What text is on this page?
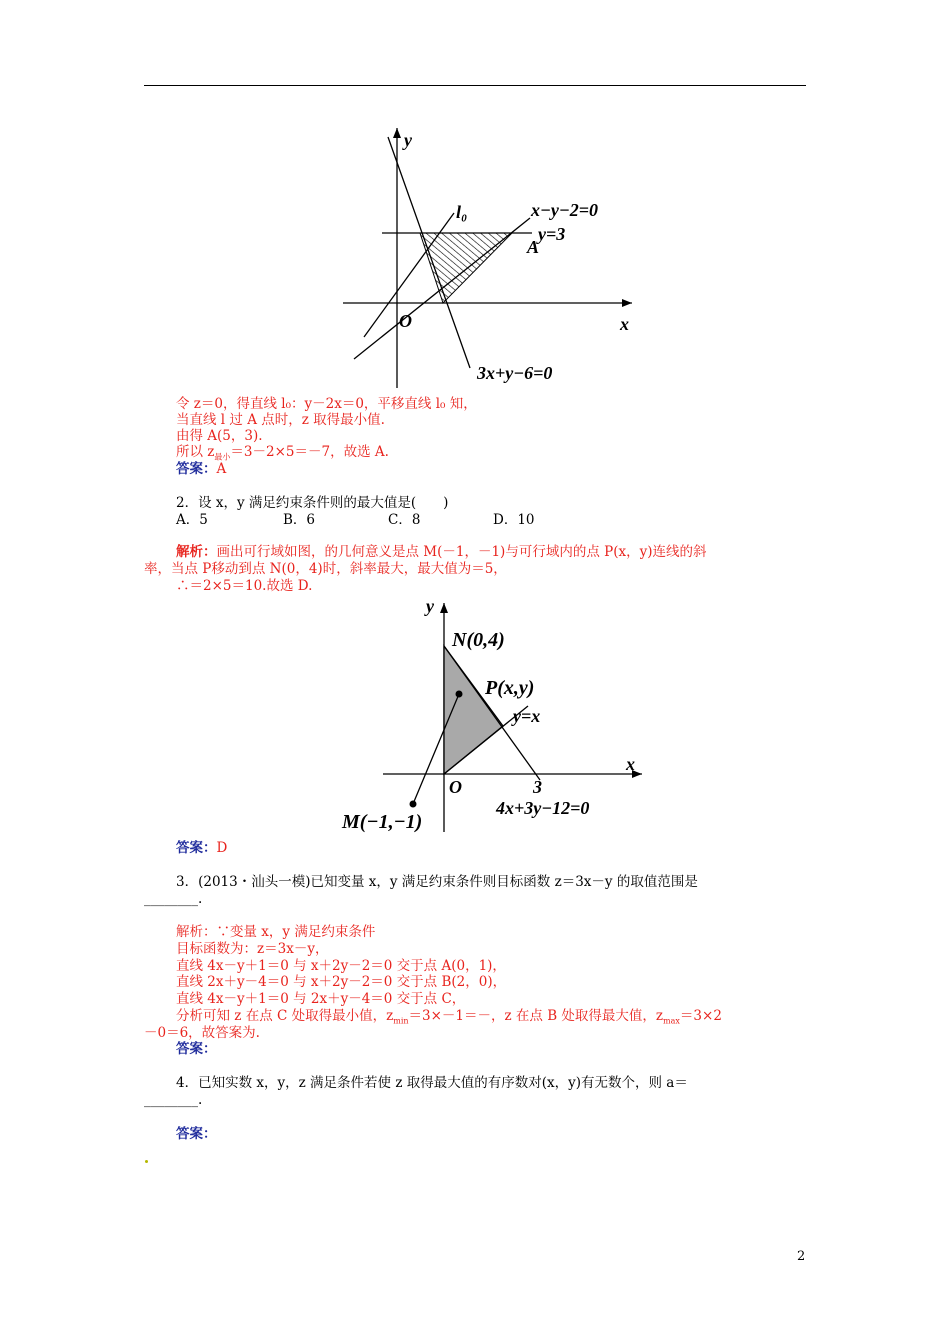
y
x
O
l₀	x−y−2=0
y=3
A
3x+y−6=0
令 z＝0，得直线 l₀：y－2x＝0，平移直线 l₀ 知，
当直线 l 过 A 点时，z 取得最小值.
由得 A(5，3).
所以 $z_{最小}=3-2\times 5=-7$，故选 A.
答案：A
2．设 x，y 满足约束条件则的最大值是(　　)
A．5	B．6	C．8	D．10
解析：画出可行域如图，的几何意义是点 M(－1，－1)与可行域内的点 P(x，y)连线的斜
率，当点 P移动到点 N(0，4)时，斜率最大，最大值为＝5，
∴＝2×5＝10.故选 D.
y
x
O
N(0,4)
P(x,y)
y=x
3
4x+3y−12=0
M(−1,−1)
答案：D
3．(2013・汕头一模)已知变量 x，y 满足约束条件则目标函数 z＝3x－y 的取值范围是
________.
解析：∵变量 x，y 满足约束条件
目标函数为：z＝3x－y，
直线 4x－y＋1＝0 与 x＋2y－2＝0 交于点 A(0，1)，
直线 2x＋y－4＝0 与 x＋2y－2＝0 交于点 B(2，0)，
直线 4x－y＋1＝0 与 2x＋y－4＝0 交于点 C，
分析可知 z 在点 C 处取得最小值，$z_{min}=3\times-1=-$，z 在点 B 处取得最大值，$z_{max}=3\times 2$
－0＝6，故答案为.
答案：
4．已知实数 x，y，z 满足条件若使 z 取得最大值的有序数对(x，y)有无数个，则 a＝
________.
答案：
2
